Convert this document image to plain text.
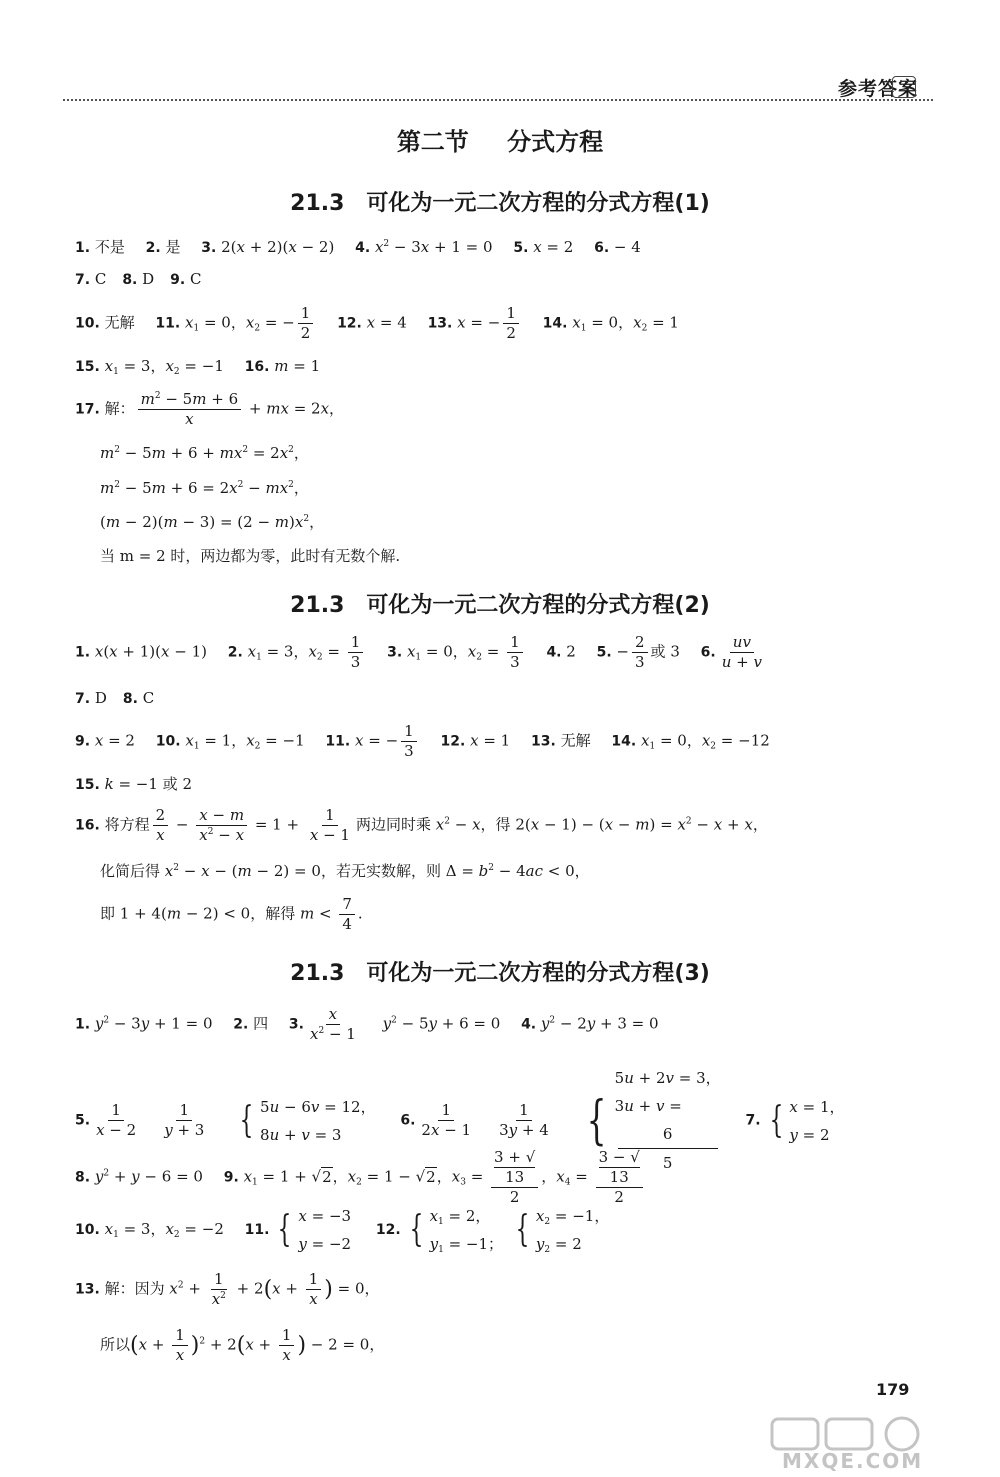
参考答案
第二节 分式方程
21.3　可化为一元二次方程的分式方程(1)
1. 不是 2. 是 3. 2(x + 2)(x − 2) 4. $x^2 - 3x + 1 = 0$ 5. x = 2 6. − 4
7. C 8. D 9. C
10. 无解 11. $x_1 = 0$，$x_2$ = − $\frac{1}{2} 12$. x = 4 13. x = − $\frac{1}{2} 14$. $x_1 = 0$，$x_2 = 1$
15. $x_1 = 3$，$x_2 = -1$ 16. m = 1
17. 解： $\frac{m^2 - 5m + 6}{x}$ + mx = 2x，
$m^2 - 5m + 6 + mx^2 = 2x^2$，
$m^2 - 5m + 6 = 2x^2 - mx^2$，
$(m - 2)(m - 3) = (2 - m)x^2$，
当 m = 2 时，两边都为零，此时有无数个解.
21.3　可化为一元二次方程的分式方程(2)
1. x(x + 1)(x − 1) 2. $x_1 = 3$，$x_2 = \frac{1}{3} 3$. $x_1 = 0$，$x_2 = \frac{1}{3} 4$. 2 5. − $\frac{2}{3}$ 或 3 6. $\frac{uv}{u + v}$
7. D 8. C
9. x = 2 10. $x_1 = 1$，$x_2 = -1$ 11. x = − $\frac{1}{3} 12$. x = 1 13. 无解 14. $x_1 = 0$，$x_2 = -12$
15. k = −1 或 2
16. 将方程 $\frac{2}{x} - \frac{x - m}{x^2 - x} = 1 + \frac{1}{x - 1}$ 两边同时乘 $x^2 - x$，得 $2(x - 1) - (x - m) = x^2 - x + x$，
化简后得 $x^2 - x - (m - 2) = 0$，若无实数解，则 $\Delta = b^2 - 4ac < 0$，
即 1 + 4(m − 2) < 0，解得 $m < \frac{7}{4}$ .
21.3　可化为一元二次方程的分式方程(3)
1. $y^2 - 3y + 1 = 0$ 2. 四 3. $\frac{x}{x^2 - 1} y^2 - 5y + 6 = 0$ 4. $y^2 - 2y + 3 = 0$
5. $\frac{1}{x - 2} \frac{1}{y + 3}$
{ 5u − 6v = 12，
8u + v = 3
6. $\frac{1}{2x - 1} \frac{1}{3y + 4}$
{
5u + 2v = 3，
3u + v =
6
5
7. { x = 1，
y = 2
8. $y^2 + y - 6 = 0$ 9. $x_1 = 1 + √2$，$x_2 = 1 - √2$，$x_3 = 3$ + √
13
2 ，$x_4 = 3$ − √
13
2
10. $x_1 = 3$，$x_2 = -2$ 11. { x = −3
y = −2
12. { $x_1 = 2$，
$y_1 = -1$； { $x_2 = -1$，
$y_2 = 2$
13. 解：因为 $x^2 + \frac{1}{x^2} + 2(x + \frac{1}{x}$ ) = 0，
所以$(x + \frac{1}{x} )^2 + 2(x + \frac{1}{x}$ ) − 2 = 0，
179
MXQE.COM
